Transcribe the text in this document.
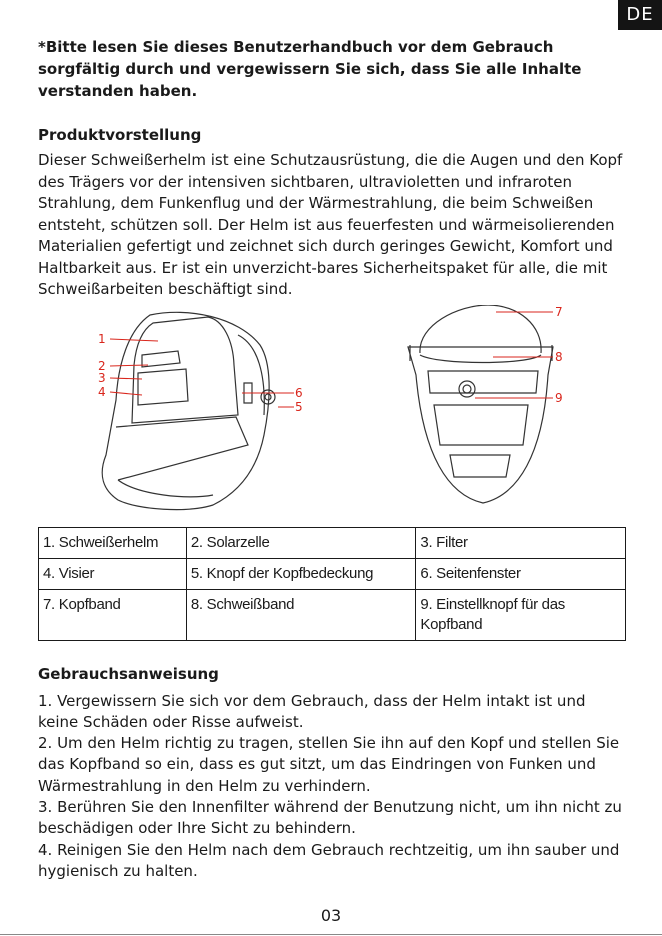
DE

*Bitte lesen Sie dieses Benutzerhandbuch vor dem Gebrauch sorgfältig durch und vergewissern Sie sich, dass Sie alle Inhalte verstanden haben.

Produktvorstellung

Dieser Schweißerhelm ist eine Schutzausrüstung, die die Augen und den Kopf des Trägers vor der intensiven sichtbaren, ultravioletten und infraroten Strahlung, dem Funkenflug und der Wärmestrahlung, die beim Schweißen entsteht, schützen soll. Der Helm ist aus feuerfesten und wärmeisolierenden Materialien gefertigt und zeichnet sich durch geringes Gewicht, Komfort und Haltbarkeit aus. Er ist ein unverzicht-bares Sicherheitspaket für alle, die mit Schweißarbeiten beschäftigt sind.

1
2
3
4	6
5
7
8
9
1. Schweißerhelm	2. Solarzelle	3. Filter
4. Visier	5. Knopf der Kopfbedeckung	6. Seitenfenster
7. Kopfband	8. Schweißband	9. Einstellknopf für das Kopfband
Gebrauchsanweisung

1. Vergewissern Sie sich vor dem Gebrauch, dass der Helm intakt ist und keine Schäden oder Risse aufweist.

2. Um den Helm richtig zu tragen, stellen Sie ihn auf den Kopf und stellen Sie das Kopfband so ein, dass es gut sitzt, um das Eindringen von Funken und Wärmestrahlung in den Helm zu verhindern.

3. Berühren Sie den Innenfilter während der Benutzung nicht, um ihn nicht zu beschädigen oder Ihre Sicht zu behindern.

4. Reinigen Sie den Helm nach dem Gebrauch rechtzeitig, um ihn sauber und hygienisch zu halten.

03
